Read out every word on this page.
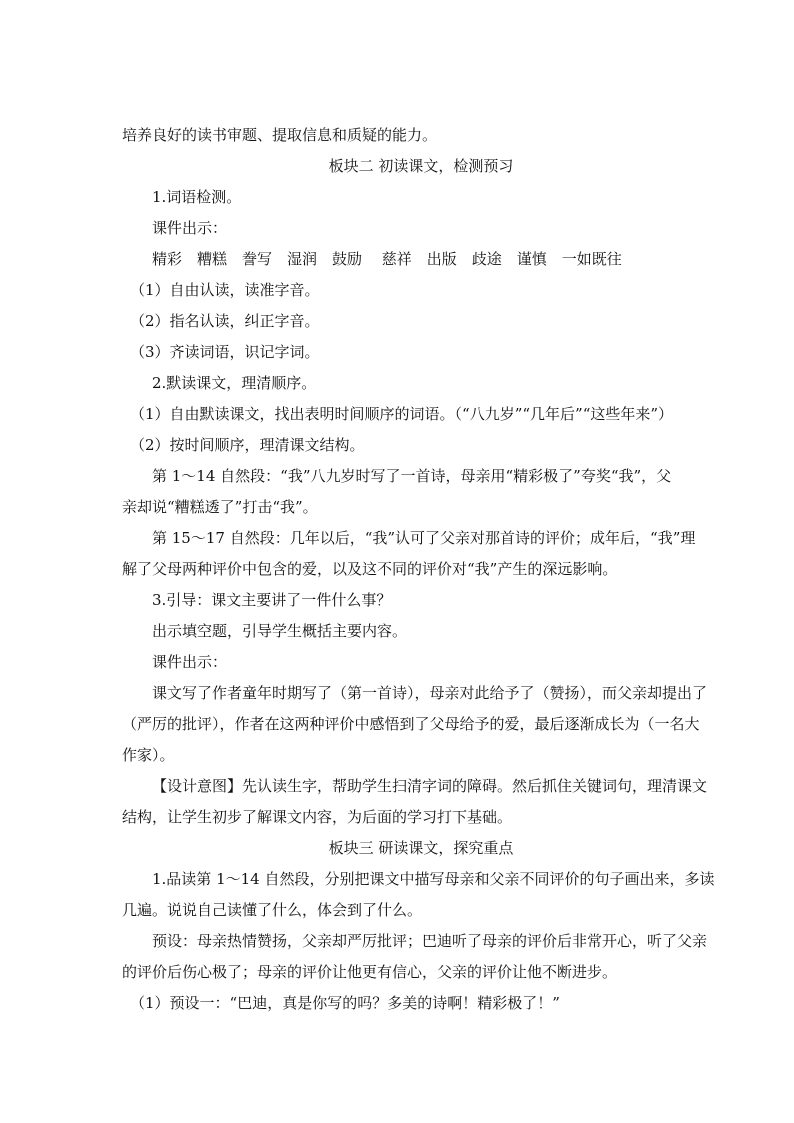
培养良好的读书审题、提取信息和质疑的能力。
板块二 初读课文，检测预习
1.词语检测。
课件出示：
精彩　糟糕　誊写　湿润　鼓励　 慈祥　出版　歧途　谨慎　一如既往
（1）自由认读，读准字音。
（2）指名认读，纠正字音。
（3）齐读词语，识记字词。
2.默读课文，理清顺序。
（1）自由默读课文，找出表明时间顺序的词语。（“八九岁”“几年后”“这些年来”）
（2）按时间顺序，理清课文结构。
第 1～14 自然段：“我”八九岁时写了一首诗，母亲用“精彩极了”夸奖“我”，父
亲却说“糟糕透了”打击“我”。
第 15～17 自然段：几年以后，“我”认可了父亲对那首诗的评价；成年后，“我”理
解了父母两种评价中包含的爱，以及这不同的评价对“我”产生的深远影响。
3.引导：课文主要讲了一件什么事？
出示填空题，引导学生概括主要内容。
课件出示：
课文写了作者童年时期写了（第一首诗），母亲对此给予了（赞扬），而父亲却提出了
（严厉的批评），作者在这两种评价中感悟到了父母给予的爱，最后逐渐成长为（一名大
作家）。
【设计意图】先认读生字，帮助学生扫清字词的障碍。然后抓住关键词句，理清课文
结构，让学生初步了解课文内容，为后面的学习打下基础。
板块三 研读课文，探究重点
1.品读第 1～14 自然段，分别把课文中描写母亲和父亲不同评价的句子画出来，多读
几遍。说说自己读懂了什么，体会到了什么。
预设：母亲热情赞扬，父亲却严厉批评；巴迪听了母亲的评价后非常开心，听了父亲
的评价后伤心极了；母亲的评价让他更有信心，父亲的评价让他不断进步。
（1）预设一：“巴迪，真是你写的吗？多美的诗啊！精彩极了！”
